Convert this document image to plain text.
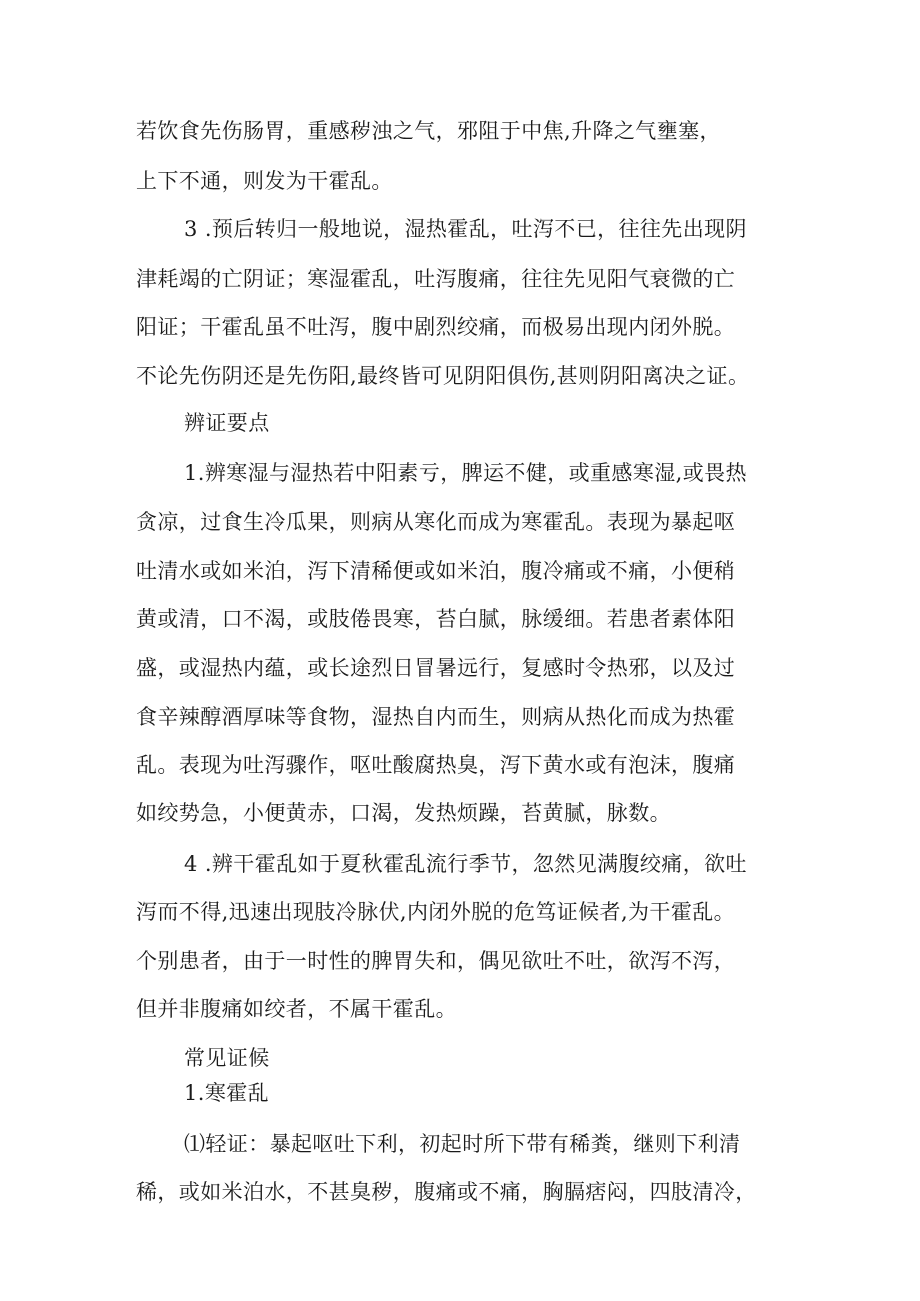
若饮食先伤肠胃，重感秽浊之气，邪阻于中焦,升降之气壅塞，
上下不通，则发为干霍乱。
3 .预后转归一般地说，湿热霍乱，吐泻不已，往往先出现阴
津耗竭的亡阴证；寒湿霍乱，吐泻腹痛，往往先见阳气衰微的亡
阳证；干霍乱虽不吐泻，腹中剧烈绞痛，而极易出现内闭外脱。
不论先伤阴还是先伤阳,最终皆可见阴阳俱伤,甚则阴阳离决之证。
辨证要点
1.辨寒湿与湿热若中阳素亏，脾运不健，或重感寒湿,或畏热
贪凉，过食生冷瓜果，则病从寒化而成为寒霍乱。表现为暴起呕
吐清水或如米泊，泻下清稀便或如米泊，腹冷痛或不痛，小便稍
黄或清，口不渴，或肢倦畏寒，苔白腻，脉缓细。若患者素体阳
盛，或湿热内蕴，或长途烈日冒暑远行，复感时令热邪，以及过
食辛辣醇酒厚味等食物，湿热自内而生，则病从热化而成为热霍
乱。表现为吐泻骤作，呕吐酸腐热臭，泻下黄水或有泡沫，腹痛
如绞势急，小便黄赤，口渴，发热烦躁，苔黄腻，脉数。
4 .辨干霍乱如于夏秋霍乱流行季节，忽然见满腹绞痛，欲吐
泻而不得,迅速出现肢冷脉伏,内闭外脱的危笃证候者,为干霍乱。
个别患者，由于一时性的脾胃失和，偶见欲吐不吐，欲泻不泻，
但并非腹痛如绞者，不属干霍乱。
常见证候
1.寒霍乱
⑴轻证：暴起呕吐下利，初起时所下带有稀粪，继则下利清
稀，或如米泊水，不甚臭秽，腹痛或不痛，胸膈痞闷，四肢清冷，
